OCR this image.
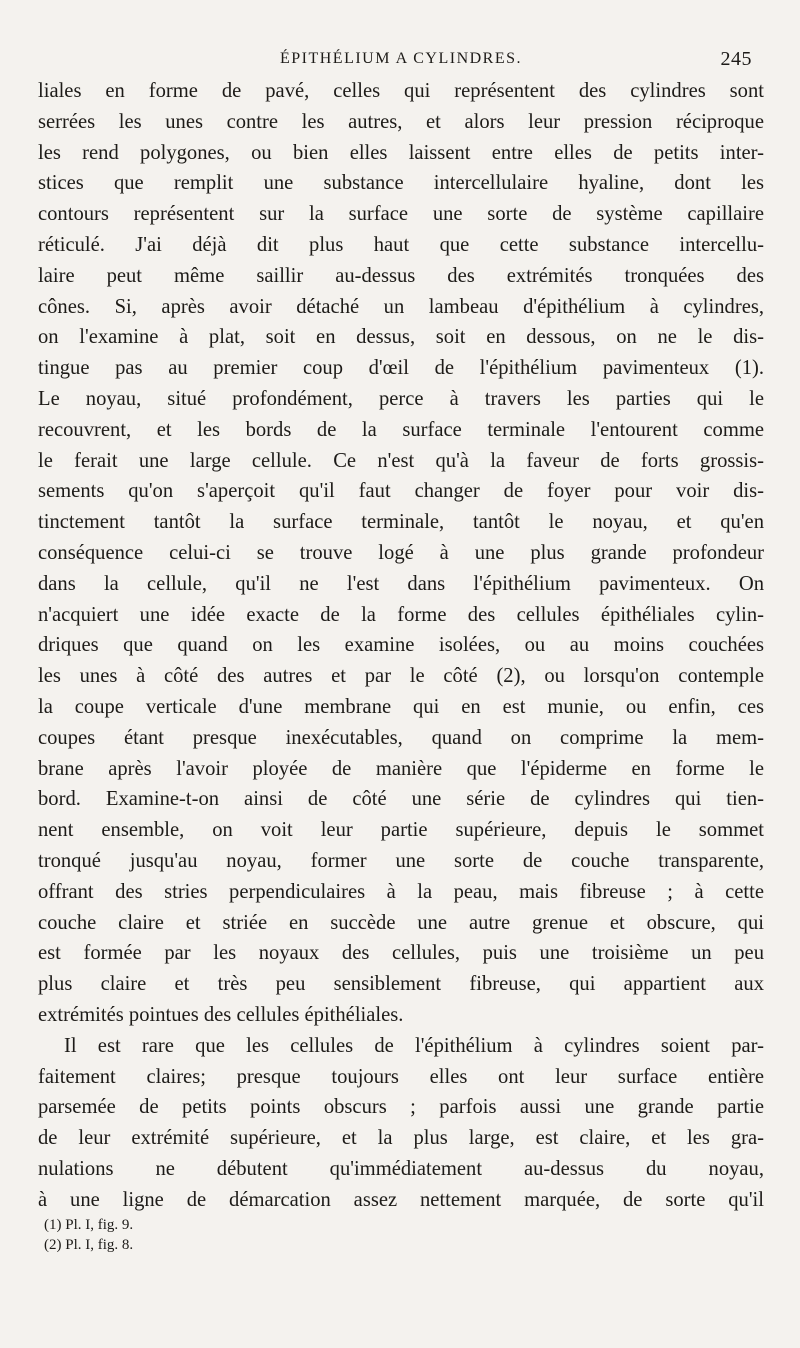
ÉPITHÉLIUM A CYLINDRES.	245

liales en forme de pavé, celles qui représentent des cylindres sont

serrées les unes contre les autres, et alors leur pression réciproque

les rend polygones, ou bien elles laissent entre elles de petits inter-

stices que remplit une substance intercellulaire hyaline, dont les

contours représentent sur la surface une sorte de système capillaire

réticulé. J'ai déjà dit plus haut que cette substance intercellu-

laire peut même saillir au-dessus des extrémités tronquées des

cônes. Si, après avoir détaché un lambeau d'épithélium à cylindres,

on l'examine à plat, soit en dessus, soit en dessous, on ne le dis-

tingue pas au premier coup d'œil de l'épithélium pavimenteux (1).

Le noyau, situé profondément, perce à travers les parties qui le

recouvrent, et les bords de la surface terminale l'entourent comme

le ferait une large cellule. Ce n'est qu'à la faveur de forts grossis-

sements qu'on s'aperçoit qu'il faut changer de foyer pour voir dis-

tinctement tantôt la surface terminale, tantôt le noyau, et qu'en

conséquence celui-ci se trouve logé à une plus grande profondeur

dans la cellule, qu'il ne l'est dans l'épithélium pavimenteux. On

n'acquiert une idée exacte de la forme des cellules épithéliales cylin-

driques que quand on les examine isolées, ou au moins couchées

les unes à côté des autres et par le côté (2), ou lorsqu'on contemple

la coupe verticale d'une membrane qui en est munie, ou enfin, ces

coupes étant presque inexécutables, quand on comprime la mem-

brane après l'avoir ployée de manière que l'épiderme en forme le

bord. Examine-t-on ainsi de côté une série de cylindres qui tien-

nent ensemble, on voit leur partie supérieure, depuis le sommet

tronqué jusqu'au noyau, former une sorte de couche transparente,

offrant des stries perpendiculaires à la peau, mais fibreuse ; à cette

couche claire et striée en succède une autre grenue et obscure, qui

est formée par les noyaux des cellules, puis une troisième un peu

plus claire et très peu sensiblement fibreuse, qui appartient aux

extrémités pointues des cellules épithéliales.

Il est rare que les cellules de l'épithélium à cylindres soient par-

faitement claires; presque toujours elles ont leur surface entière

parsemée de petits points obscurs ; parfois aussi une grande partie

de leur extrémité supérieure, et la plus large, est claire, et les gra-

nulations ne débutent qu'immédiatement au-dessus du noyau,

à une ligne de démarcation assez nettement marquée, de sorte qu'il

(1) Pl. I, fig. 9.
(2) Pl. I, fig. 8.
